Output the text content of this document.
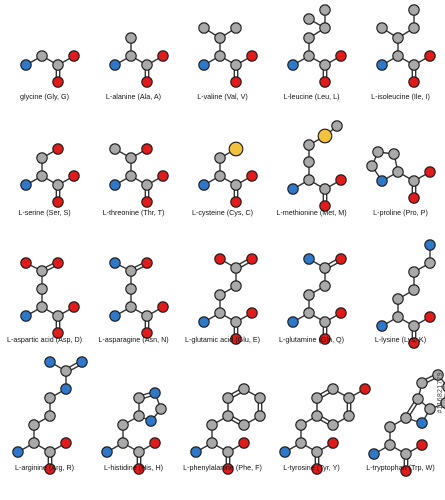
glycine (Gly, G)	L-alanine (Ala, A)	L-valine (Val, V)	L-leucine (Leu, L)	L-isoleucine (Ile, I)
L-serine (Ser, S)	L-threonine (Thr, T)	L-cysteine (Cys, C)	L-methionine (Met, M)	L-proline (Pro, P)
L-aspartic acid (Asp, D)	L-asparagine (Asn, N)	L-glutamic acid (Glu, E)	L-glutamine (Gln, Q)	L-lysine (Lys, K)
L-arginine (Arg, R)	L-histidine (His, H)	L-phenylalanine (Phe, F)	L-tyrosine (Tyr, Y)	L-tryptophan (Trp, W)
#116821779
